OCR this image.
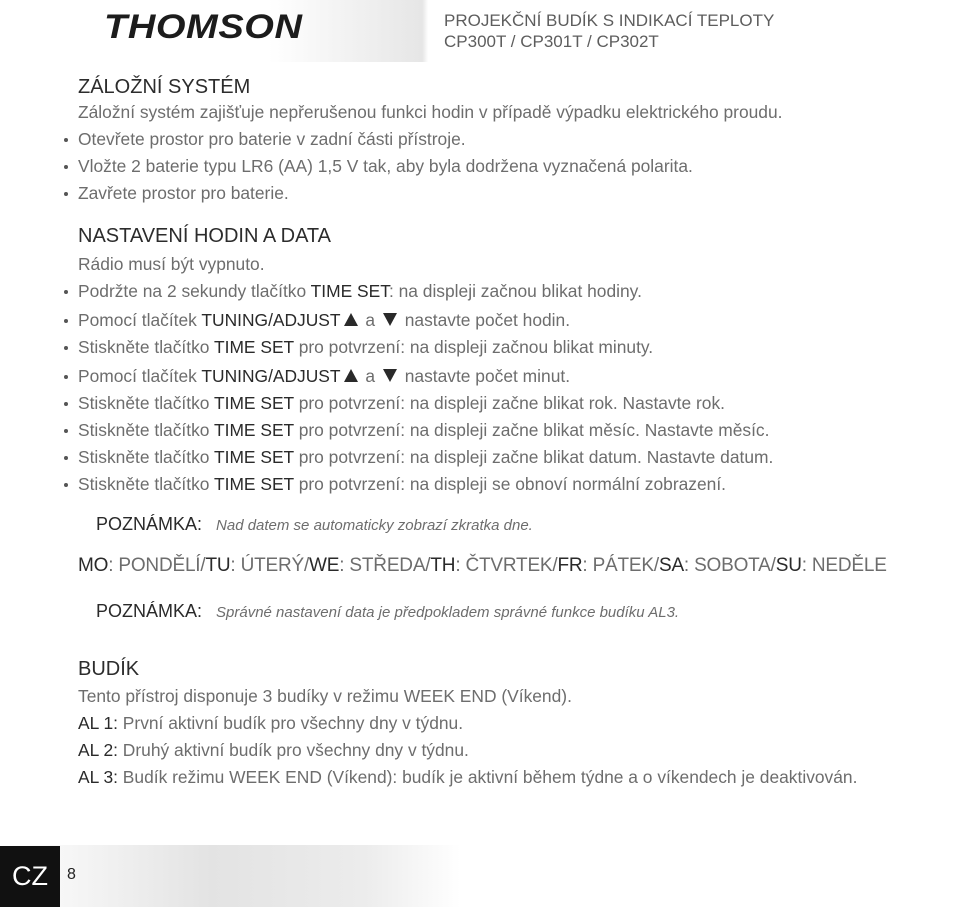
THOMSON	PROJEKČNÍ BUDÍK S INDIKACÍ TEPLOTY
CP300T / CP301T / CP302T
ZÁLOŽNÍ SYSTÉM
Záložní systém zajišťuje nepřerušenou funkci hodin v případě výpadku elektrického proudu.
Otevřete prostor pro baterie v zadní části přístroje.
Vložte 2 baterie typu LR6 (AA) 1,5 V tak, aby byla dodržena vyznačená polarita.
Zavřete prostor pro baterie.
NASTAVENÍ HODIN A DATA
Rádio musí být vypnuto.
Podržte na 2 sekundy tlačítko TIME SET: na displeji začnou blikat hodiny.
Pomocí tlačítek TUNING/ADJUST a  nastavte počet hodin.
Stiskněte tlačítko TIME SET pro potvrzení: na displeji začnou blikat minuty.
Pomocí tlačítek TUNING/ADJUST a  nastavte počet minut.
Stiskněte tlačítko TIME SET pro potvrzení: na displeji začne blikat rok. Nastavte rok.
Stiskněte tlačítko TIME SET pro potvrzení: na displeji začne blikat měsíc. Nastavte měsíc.
Stiskněte tlačítko TIME SET pro potvrzení: na displeji začne blikat datum. Nastavte datum.
Stiskněte tlačítko TIME SET pro potvrzení: na displeji se obnoví normální zobrazení.
POZNÁMKA: Nad datem se automaticky zobrazí zkratka dne.
MO: PONDĚLÍ/TU: ÚTERÝ/WE: STŘEDA/TH: ČTVRTEK/FR: PÁTEK/SA: SOBOTA/SU: NEDĚLE
POZNÁMKA: Správné nastavení data je předpokladem správné funkce budíku AL3.
BUDÍK
Tento přístroj disponuje 3 budíky v režimu WEEK END (Víkend).
AL 1: První aktivní budík pro všechny dny v týdnu.
AL 2: Druhý aktivní budík pro všechny dny v týdnu.
AL 3: Budík režimu WEEK END (Víkend): budík je aktivní během týdne a o víkendech je deaktivován.
CZ	8
